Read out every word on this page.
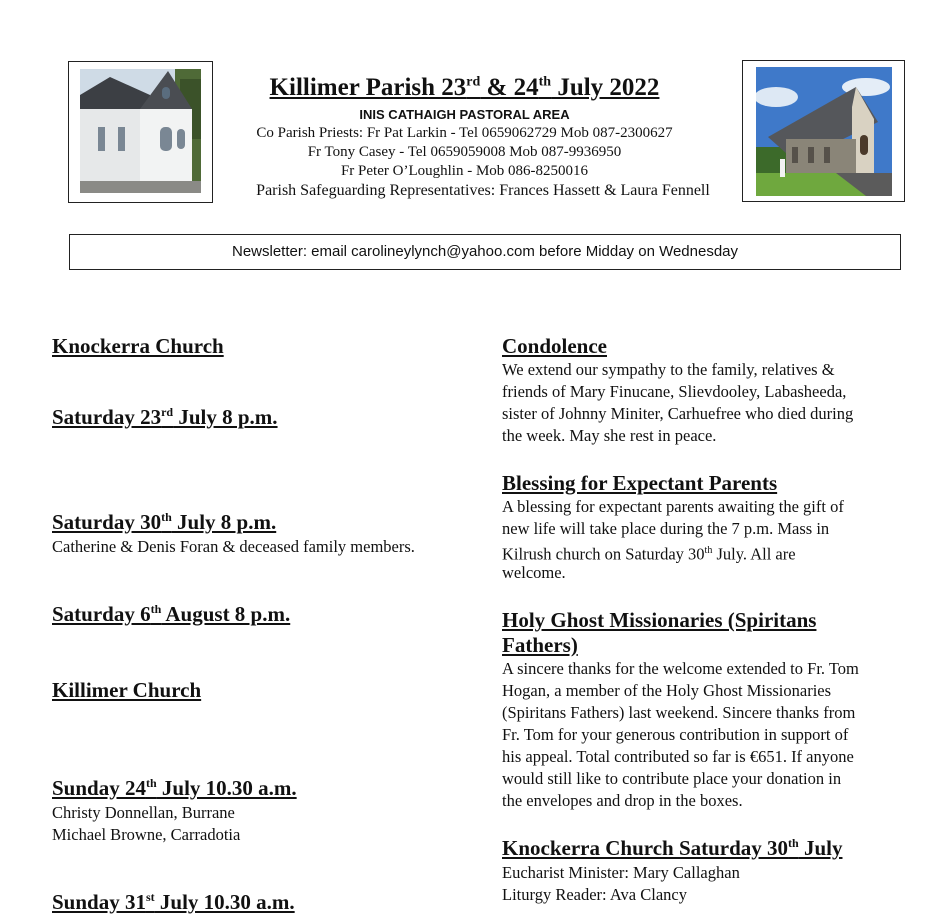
Killimer Parish 23rd & 24th July 2022
INIS CATHAIGH PASTORAL AREA
Co Parish Priests: Fr Pat Larkin - Tel 0659062729 Mob 087-2300627
Fr Tony Casey - Tel 0659059008 Mob 087-9936950
Fr Peter O’Loughlin - Mob 086-8250016
Parish Safeguarding Representatives: Frances Hassett & Laura Fennell
Newsletter: email carolineylynch@yahoo.com before Midday on Wednesday
Knockerra Church
Saturday 23rd July 8 p.m.
Saturday 30th July 8 p.m.
Catherine & Denis Foran & deceased family members.
Saturday 6th August 8 p.m.
Killimer Church
Sunday 24th July 10.30 a.m.
Christy Donnellan, Burrane
Michael Browne, Carradotia
Sunday 31st July 10.30 a.m.
Condolence
We extend our sympathy to the family, relatives &
friends of Mary Finucane, Slievdooley, Labasheeda,
sister of Johnny Miniter, Carhuefree who died during
the week. May she rest in peace.
Blessing for Expectant Parents
A blessing for expectant parents awaiting the gift of
new life will take place during the 7 p.m. Mass in
Kilrush church on Saturday 30th July. All are
welcome.
Holy Ghost Missionaries (Spiritans
Fathers)
A sincere thanks for the welcome extended to Fr. Tom
Hogan, a member of the Holy Ghost Missionaries
(Spiritans Fathers) last weekend. Sincere thanks from
Fr. Tom for your generous contribution in support of
his appeal. Total contributed so far is €651. If anyone
would still like to contribute place your donation in
the envelopes and drop in the boxes.
Knockerra Church Saturday 30th July
Eucharist Minister: Mary Callaghan
Liturgy Reader: Ava Clancy
